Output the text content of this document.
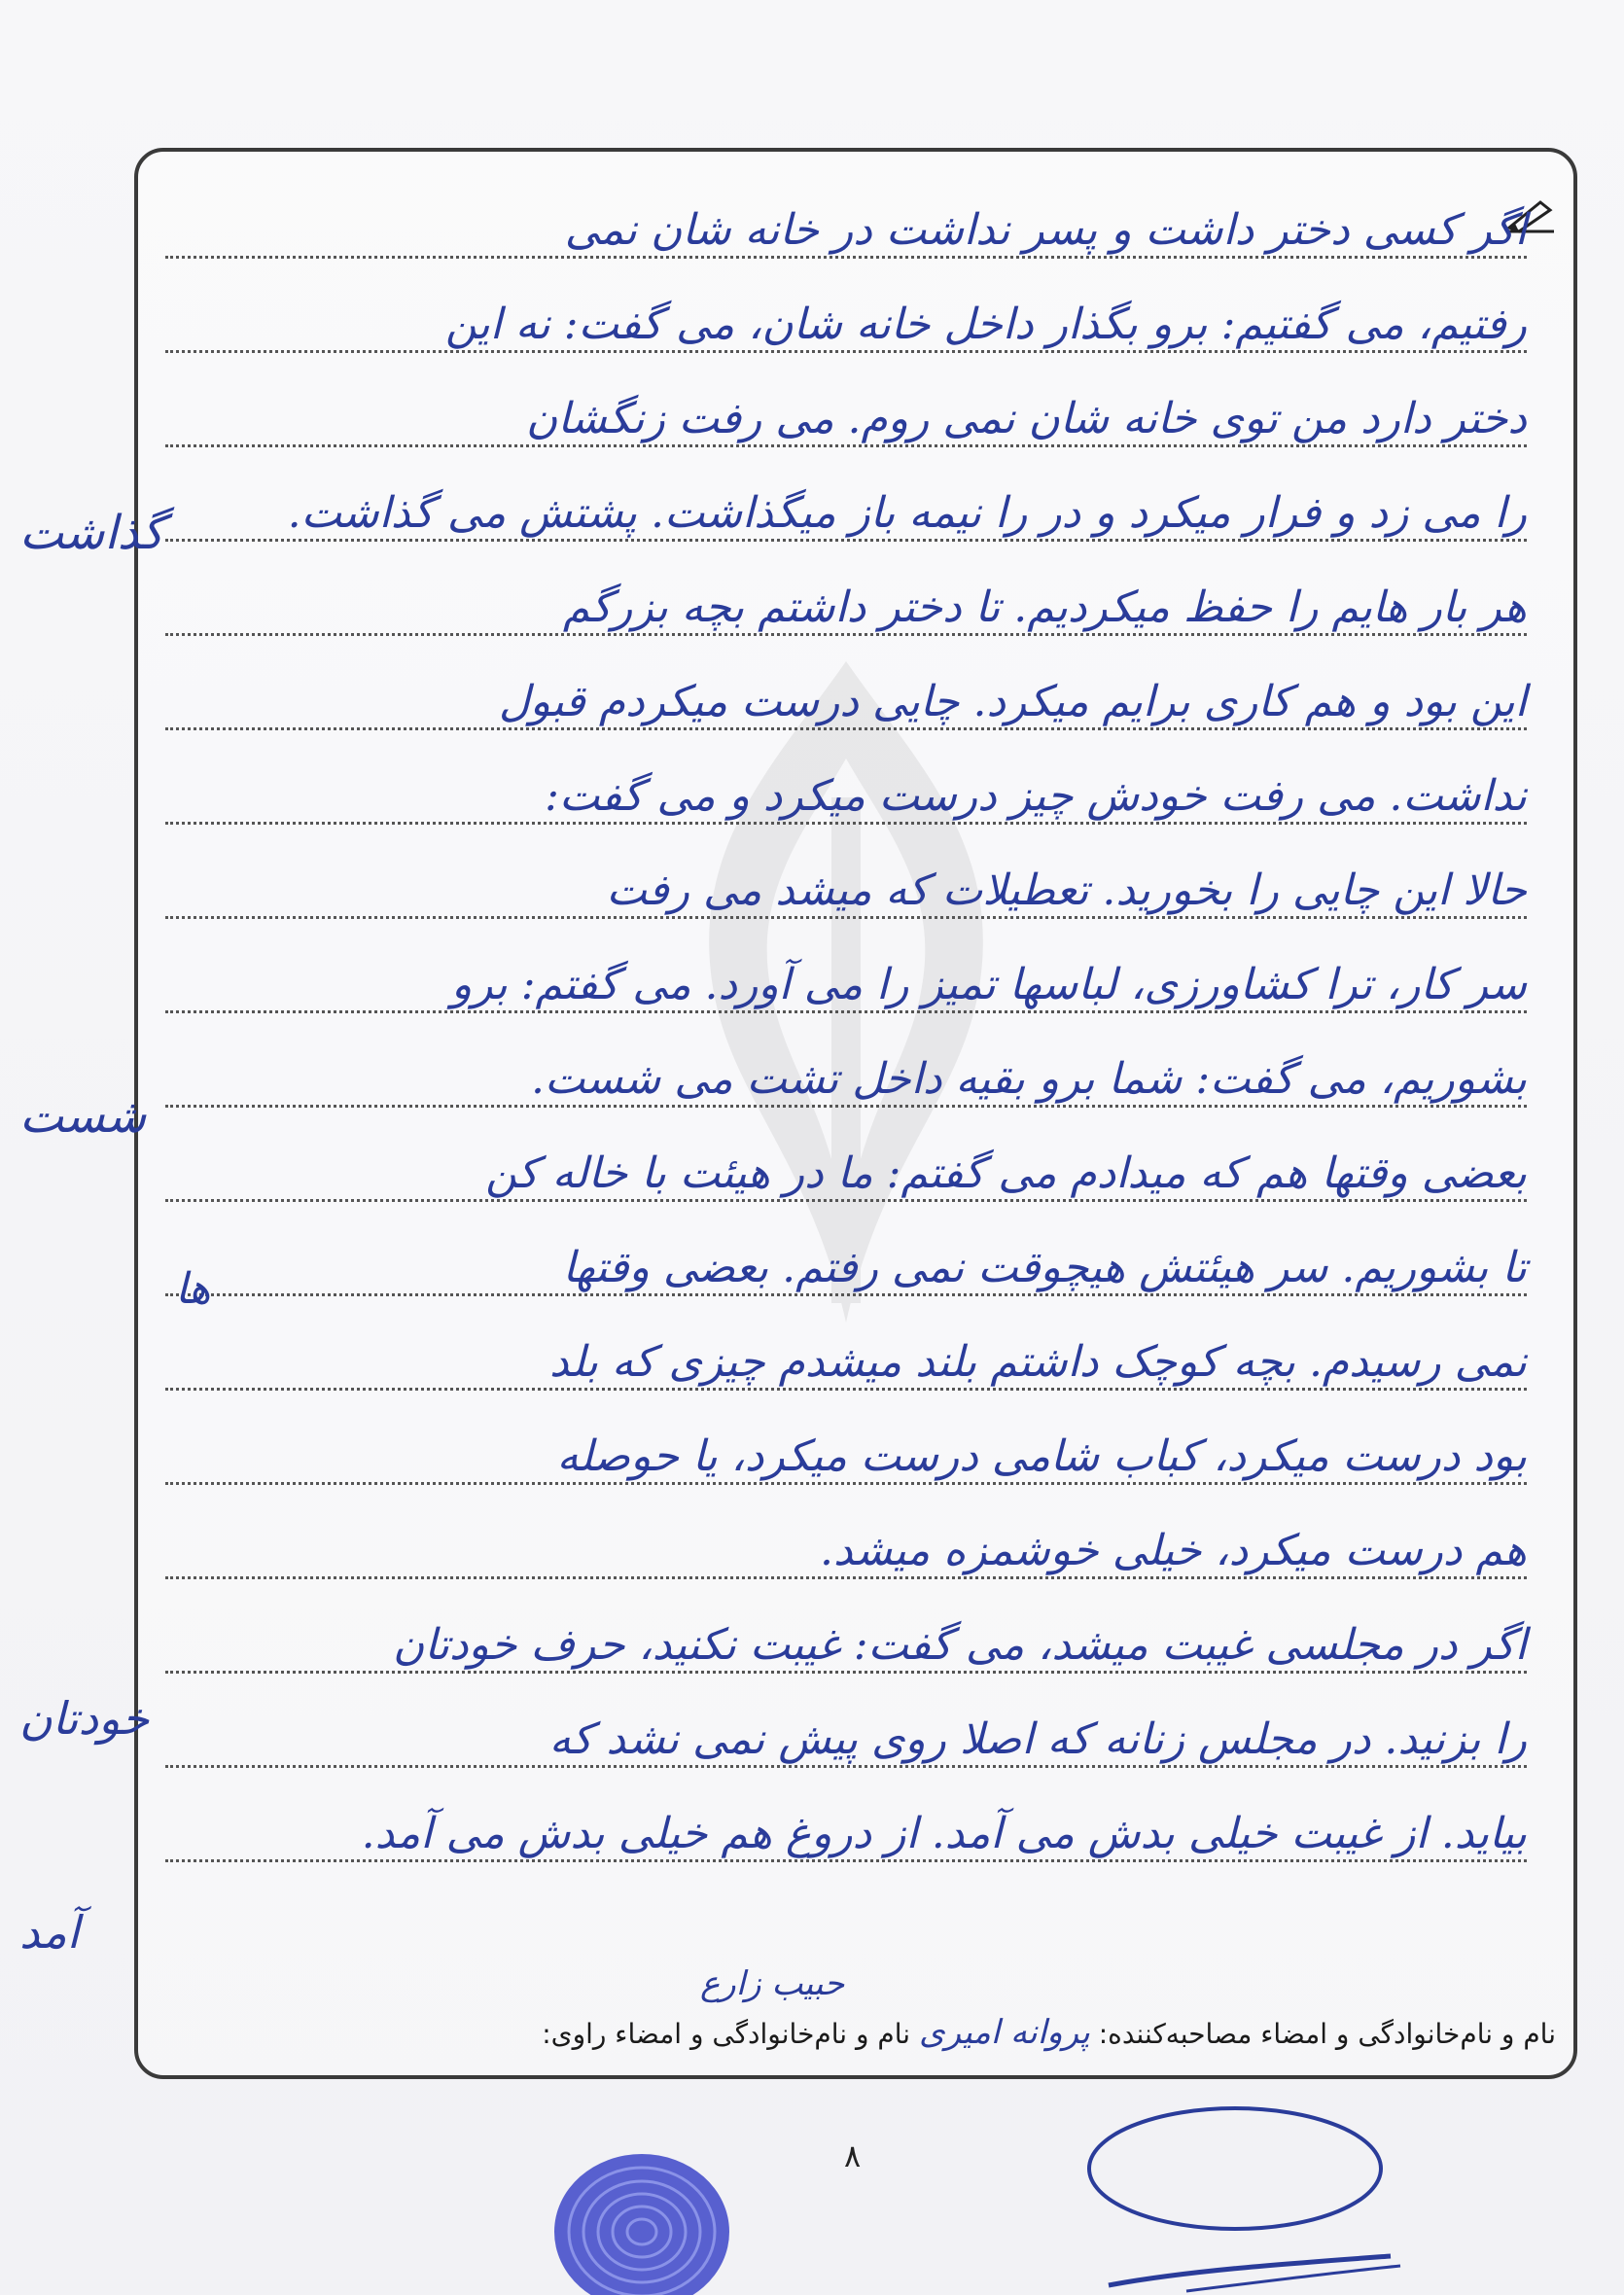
اگر کسی دختر داشت و پسر نداشت در خانه شان نمی
رفتیم، می گفتیم: برو بگذار داخل خانه شان، می گفت: نه این
دختر دارد من توی خانه شان نمی روم. می رفت زنگشان
را می زد و فرار میکرد و در را نیمه باز میگذاشت. پشتش می گذاشت.
هر بار هایم را حفظ میکردیم. تا دختر داشتم بچه بزرگم
این بود و هم کاری برایم میکرد. چایی درست میکردم قبول
نداشت. می رفت خودش چیز درست میکرد و می گفت:
حالا این چایی را بخورید. تعطیلات که میشد می رفت
سر کار، ترا کشاورزی، لباسها تمیز را می آورد. می گفتم: برو
بشوریم، می گفت: شما برو بقیه داخل تشت می شست.
بعضی وقتها هم که میدادم می گفتم: ما در هیئت با خاله کن
تا بشوریم. سر هیئتش هیچوقت نمی رفتم. بعضی وقتها
نمی رسیدم. بچه کوچک داشتم بلند میشدم چیزی که بلد
بود درست میکرد، کباب شامی درست میکرد، یا حوصله
هم درست میکرد، خیلی خوشمزه میشد.
اگر در مجلسی غیبت میشد، می گفت: غیبت نکنید، حرف خودتان
را بزنید. در مجلس زنانه که اصلا روی پیش نمی نشد که
بیاید. از غیبت خیلی بدش می آمد. از دروغ هم خیلی بدش می آمد.
گذاشت
شست
ها
خودتان
آمد
حبیب زارع
نام و نام‌خانوادگی و امضاء مصاحبه‌کننده: پروانه امیری نام و نام‌خانوادگی و امضاء راوی:
۸
